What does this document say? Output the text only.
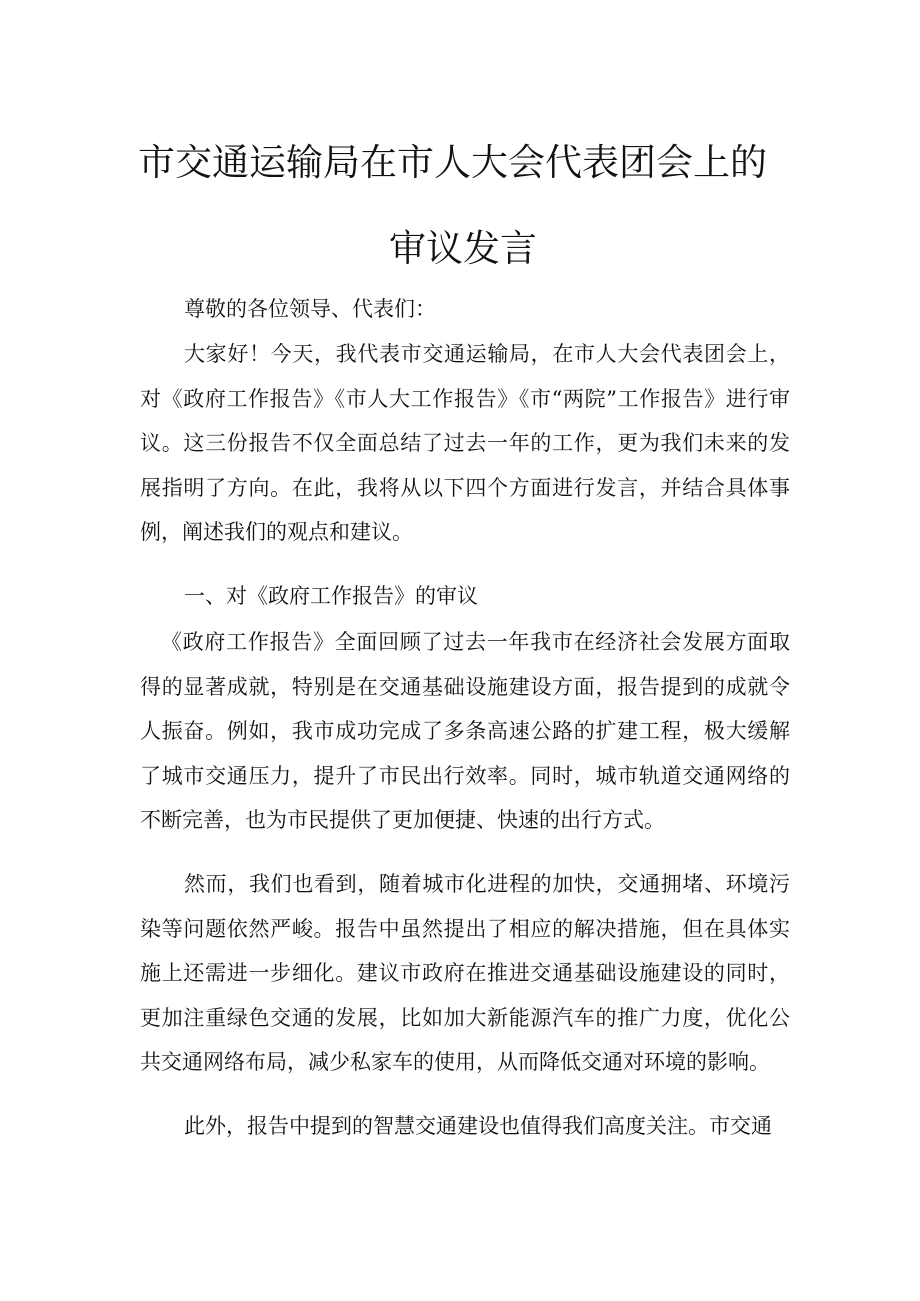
市交通运输局在市人大会代表团会上的
审议发言

尊敬的各位领导、代表们：

大家好！今天，我代表市交通运输局，在市人大会代表团会上，对《政府工作报告》《市人大工作报告》《市“两院”工作报告》进行审议。这三份报告不仅全面总结了过去一年的工作，更为我们未来的发展指明了方向。在此，我将从以下四个方面进行发言，并结合具体事例，阐述我们的观点和建议。

一、对《政府工作报告》的审议

《政府工作报告》全面回顾了过去一年我市在经济社会发展方面取得的显著成就，特别是在交通基础设施建设方面，报告提到的成就令人振奋。例如，我市成功完成了多条高速公路的扩建工程，极大缓解了城市交通压力，提升了市民出行效率。同时，城市轨道交通网络的不断完善，也为市民提供了更加便捷、快速的出行方式。

然而，我们也看到，随着城市化进程的加快，交通拥堵、环境污染等问题依然严峻。报告中虽然提出了相应的解决措施，但在具体实施上还需进一步细化。建议市政府在推进交通基础设施建设的同时，更加注重绿色交通的发展，比如加大新能源汽车的推广力度，优化公共交通网络布局，减少私家车的使用，从而降低交通对环境的影响。

此外，报告中提到的智慧交通建设也值得我们高度关注。市交通
